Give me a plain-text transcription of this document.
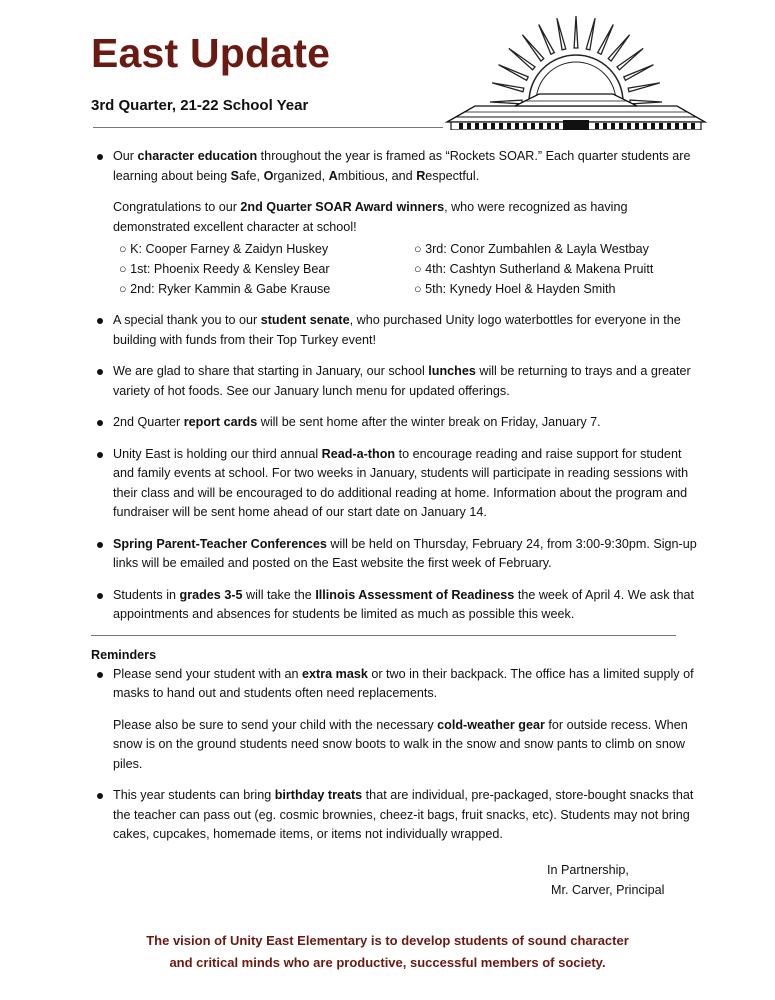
East Update
3rd Quarter, 21-22 School Year

Our character education throughout the year is framed as “Rockets SOAR.” Each quarter students are learning about being Safe, Organized, Ambitious, and Respectful.

Congratulations to our 2nd Quarter SOAR Award winners, who were recognized as having demonstrated excellent character at school!

○ K: Cooper Farney & Zaidyn Huskey	○ 3rd: Conor Zumbahlen & Layla Westbay
○ 1st: Phoenix Reedy & Kensley Bear	○ 4th: Cashtyn Sutherland & Makena Pruitt
○ 2nd: Ryker Kammin & Gabe Krause	○ 5th: Kynedy Hoel & Hayden Smith

A special thank you to our student senate, who purchased Unity logo waterbottles for everyone in the building with funds from their Top Turkey event!

We are glad to share that starting in January, our school lunches will be returning to trays and a greater variety of hot foods. See our January lunch menu for updated offerings.

2nd Quarter report cards will be sent home after the winter break on Friday, January 7.

Unity East is holding our third annual Read-a-thon to encourage reading and raise support for student and family events at school. For two weeks in January, students will participate in reading sessions with their class and will be encouraged to do additional reading at home. Information about the program and fundraiser will be sent home ahead of our start date on January 14.

Spring Parent-Teacher Conferences will be held on Thursday, February 24, from 3:00-9:30pm. Sign-up links will be emailed and posted on the East website the first week of February.

Students in grades 3-5 will take the Illinois Assessment of Readiness the week of April 4. We ask that appointments and absences for students be limited as much as possible this week.

Reminders

Please send your student with an extra mask or two in their backpack. The office has a limited supply of masks to hand out and students often need replacements.

Please also be sure to send your child with the necessary cold-weather gear for outside recess. When snow is on the ground students need snow boots to walk in the snow and snow pants to climb on snow piles.

This year students can bring birthday treats that are individual, pre-packaged, store-bought snacks that the teacher can pass out (eg. cosmic brownies, cheez-it bags, fruit snacks, etc). Students may not bring cakes, cupcakes, homemade items, or items not individually wrapped.

In Partnership,
Mr. Carver, Principal
The vision of Unity East Elementary is to develop students of sound character
and critical minds who are productive, successful members of society.
